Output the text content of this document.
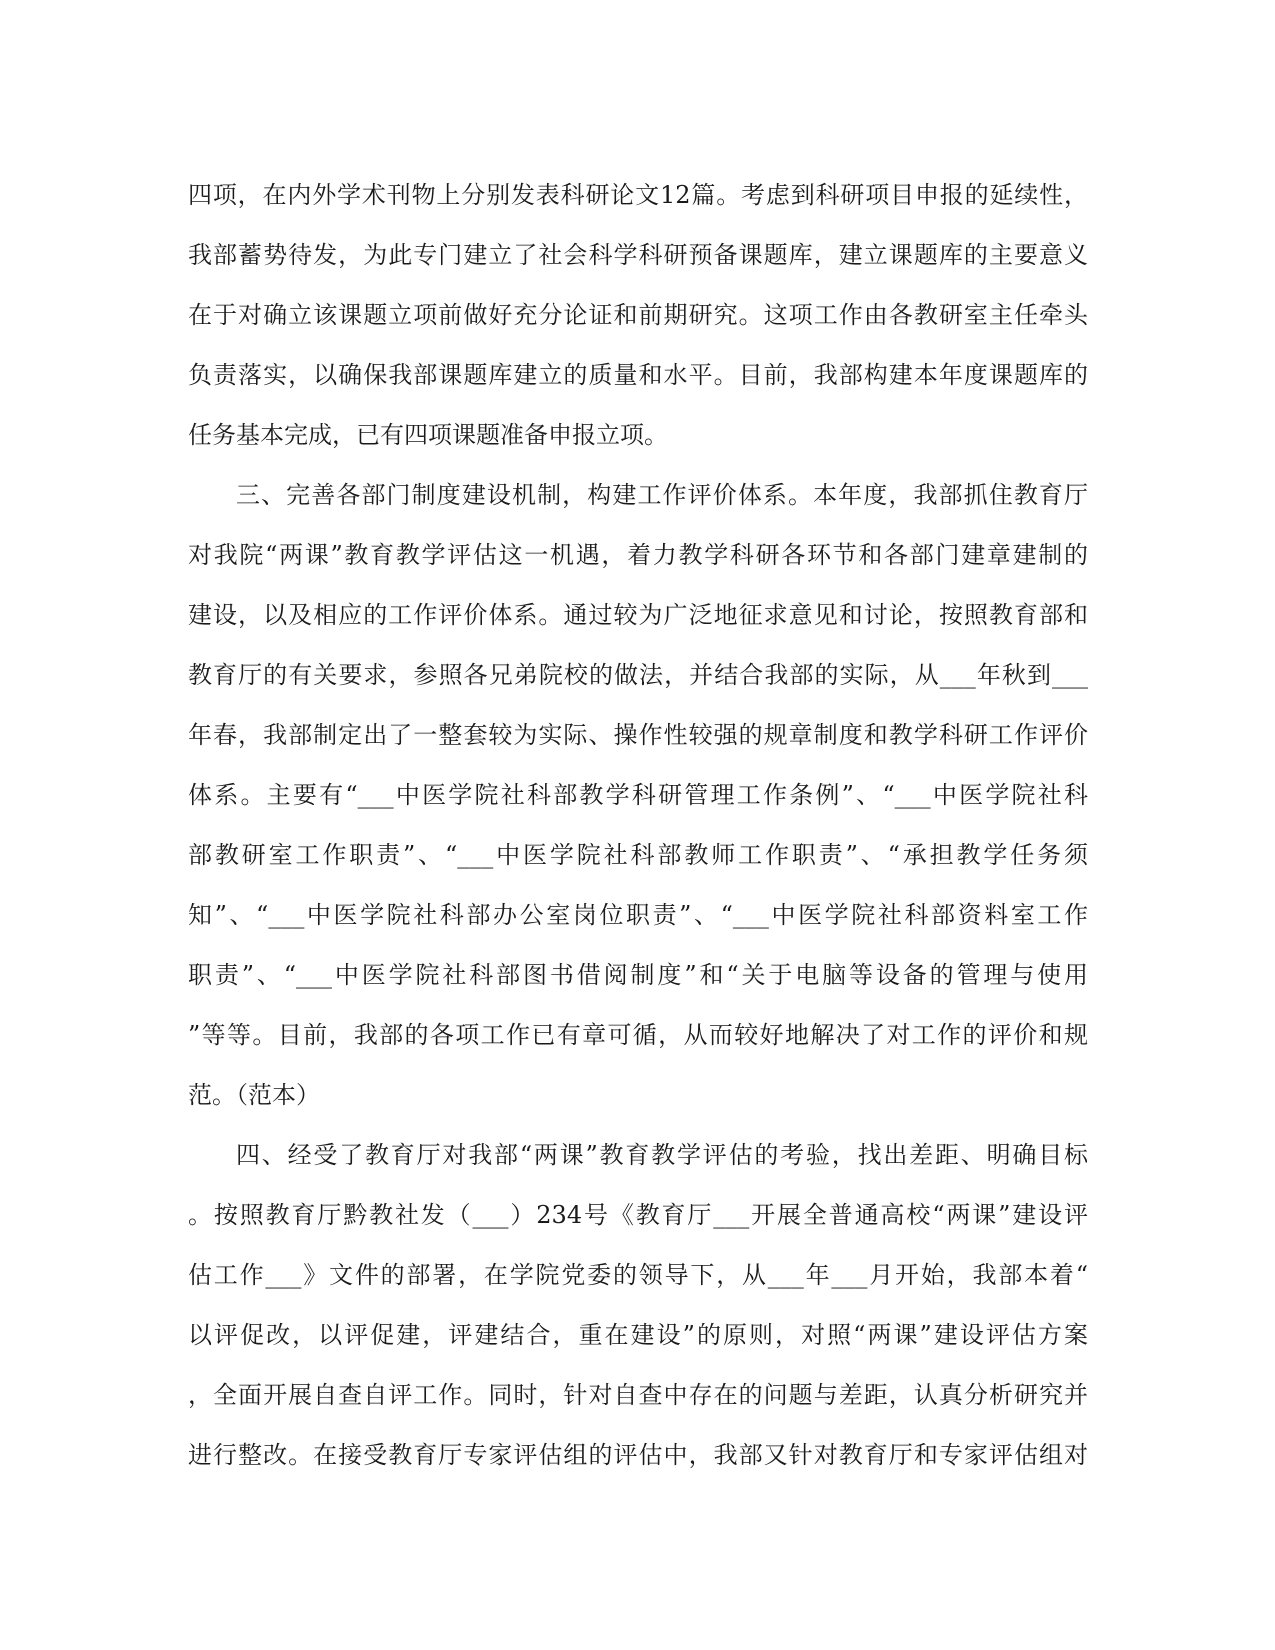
四项，在内外学术刊物上分别发表科研论文12篇。考虑到科研项目申报的延续性，
我部蓄势待发，为此专门建立了社会科学科研预备课题库，建立课题库的主要意义
在于对确立该课题立项前做好充分论证和前期研究。这项工作由各教研室主任牵头
负责落实，以确保我部课题库建立的质量和水平。目前，我部构建本年度课题库的
任务基本完成，已有四项课题准备申报立项。
三、完善各部门制度建设机制，构建工作评价体系。本年度，我部抓住教育厅
对我院“两课”教育教学评估这一机遇，着力教学科研各环节和各部门建章建制的
建设，以及相应的工作评价体系。通过较为广泛地征求意见和讨论，按照教育部和
教育厅的有关要求，参照各兄弟院校的做法，并结合我部的实际，从___年秋到___
年春，我部制定出了一整套较为实际、操作性较强的规章制度和教学科研工作评价
体系。主要有“___中医学院社科部教学科研管理工作条例”、“___中医学院社科
部教研室工作职责”、“___中医学院社科部教师工作职责”、“承担教学任务须
知”、“___中医学院社科部办公室岗位职责”、“___中医学院社科部资料室工作
职责”、“___中医学院社科部图书借阅制度”和“关于电脑等设备的管理与使用
”等等。目前，我部的各项工作已有章可循，从而较好地解决了对工作的评价和规
范。（范本）
四、经受了教育厅对我部“两课”教育教学评估的考验，找出差距、明确目标
。按照教育厅黔教社发（___）234号《教育厅___开展全普通高校“两课”建设评
估工作___》文件的部署，在学院党委的领导下，从___年___月开始，我部本着“
以评促改，以评促建，评建结合，重在建设”的原则，对照“两课”建设评估方案
，全面开展自查自评工作。同时，针对自查中存在的问题与差距，认真分析研究并
进行整改。在接受教育厅专家评估组的评估中，我部又针对教育厅和专家评估组对
